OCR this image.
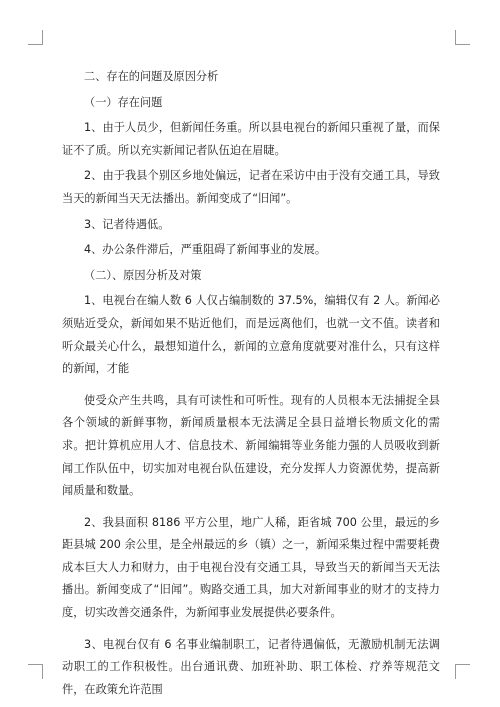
二、存在的问题及原因分析

（一）存在问题

1、由于人员少，但新闻任务重。所以县电视台的新闻只重视了量，而保证不了质。所以充实新闻记者队伍迫在眉睫。

2、由于我县个别区乡地处偏远，记者在采访中由于没有交通工具，导致当天的新闻当天无法播出。新闻变成了“旧闻”。

3、记者待遇低。

4、办公条件滞后，严重阻碍了新闻事业的发展。

（二）、原因分析及对策

1、电视台在编人数 6 人仅占编制数的 37.5%，编辑仅有 2 人。新闻必须贴近受众，新闻如果不贴近他们，而是远离他们，也就一文不值。读者和听众最关心什么，最想知道什么，新闻的立意角度就要对准什么，只有这样的新闻，才能

使受众产生共鸣，具有可读性和可听性。现有的人员根本无法捕捉全县各个领域的新鲜事物，新闻质量根本无法满足全县日益增长物质文化的需求。把计算机应用人才、信息技术、新闻编辑等业务能力强的人员吸收到新闻工作队伍中，切实加对电视台队伍建设，充分发挥人力资源优势，提高新闻质量和数量。

2、我县面积 8186 平方公里，地广人稀，距省城 700 公里，最远的乡距县城 200 余公里，是全州最远的乡（镇）之一，新闻采集过程中需要耗费成本巨大人力和财力，由于电视台没有交通工具，导致当天的新闻当天无法播出。新闻变成了“旧闻”。购路交通工具，加大对新闻事业的财才的支持力度，切实改善交通条件，为新闻事业发展提供必要条件。

3、电视台仅有 6 名事业编制职工，记者待遇偏低，无激励机制无法调动职工的工作积极性。出台通讯费、加班补助、职工体检、疗养等规范文件，在政策允许范围
